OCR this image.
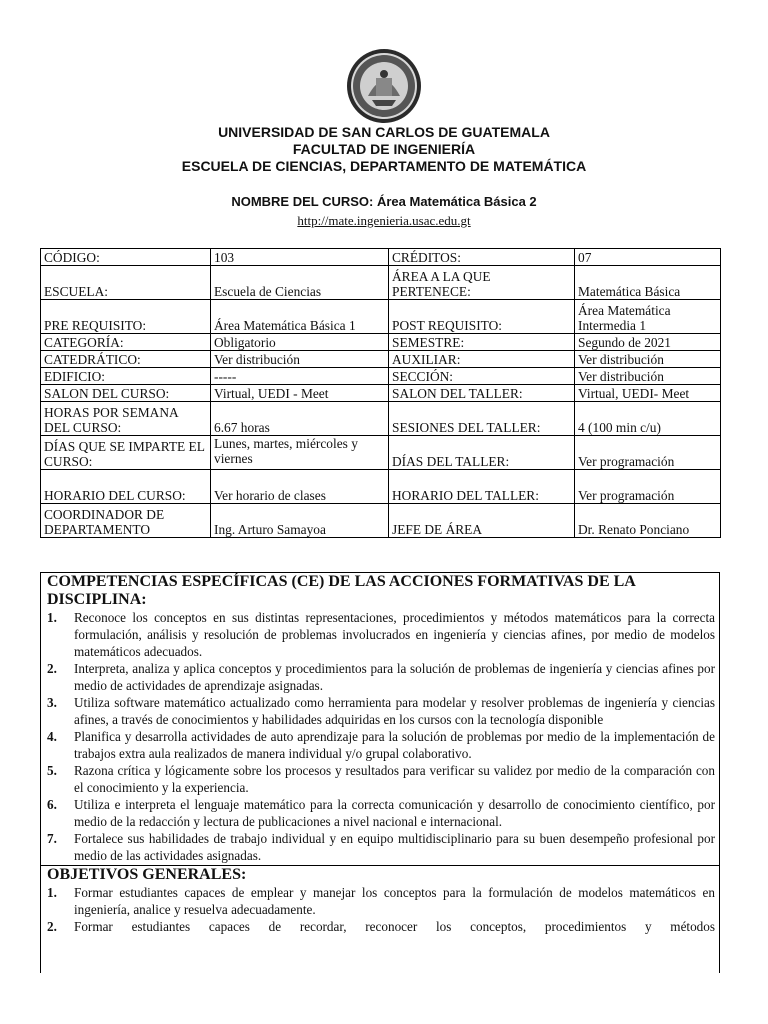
UNIVERSIDAD DE SAN CARLOS DE GUATEMALA
FACULTAD DE INGENIERÍA
ESCUELA DE CIENCIAS, DEPARTAMENTO DE MATEMÁTICA
NOMBRE DEL CURSO: Área Matemática Básica 2
http://mate.ingenieria.usac.edu.gt
CÓDIGO:	103	CRÉDITOS:	07
ESCUELA:	Escuela de Ciencias	ÁREA A LA QUE PERTENECE:	Matemática Básica
PRE REQUISITO:	Área Matemática Básica 1	POST REQUISITO:	Área Matemática Intermedia 1
CATEGORÍA:	Obligatorio	SEMESTRE:	Segundo de 2021
CATEDRÁTICO:	Ver distribución	AUXILIAR:	Ver distribución
EDIFICIO:	-----	SECCIÓN:	Ver distribución
SALON DEL CURSO:	Virtual, UEDI - Meet	SALON DEL TALLER:	Virtual, UEDI- Meet
HORAS POR SEMANA DEL CURSO:	6.67 horas	SESIONES DEL TALLER:	4 (100 min c/u)
DÍAS QUE SE IMPARTE EL CURSO:	Lunes, martes, miércoles y viernes	DÍAS DEL TALLER:	Ver programación
HORARIO DEL CURSO:	Ver horario de clases	HORARIO DEL TALLER:	Ver programación
COORDINADOR DE DEPARTAMENTO	Ing. Arturo Samayoa	JEFE DE ÁREA	Dr. Renato Ponciano
COMPETENCIAS ESPECÍFICAS (CE) DE LAS ACCIONES FORMATIVAS DE LA DISCIPLINA:
1. Reconoce los conceptos en sus distintas representaciones, procedimientos y métodos matemáticos para la correcta formulación, análisis y resolución de problemas involucrados en ingeniería y ciencias afines, por medio de modelos matemáticos adecuados.
2. Interpreta, analiza y aplica conceptos y procedimientos para la solución de problemas de ingeniería y ciencias afines por medio de actividades de aprendizaje asignadas.
3. Utiliza software matemático actualizado como herramienta para modelar y resolver problemas de ingeniería y ciencias afines, a través de conocimientos y habilidades adquiridas en los cursos con la tecnología disponible
4. Planifica y desarrolla actividades de auto aprendizaje para la solución de problemas por medio de la implementación de trabajos extra aula realizados de manera individual y/o grupal colaborativo.
5. Razona crítica y lógicamente sobre los procesos y resultados para verificar su validez por medio de la comparación con el conocimiento y la experiencia.
6. Utiliza e interpreta el lenguaje matemático para la correcta comunicación y desarrollo de conocimiento científico, por medio de la redacción y lectura de publicaciones a nivel nacional e internacional.
7. Fortalece sus habilidades de trabajo individual y en equipo multidisciplinario para su buen desempeño profesional por medio de las actividades asignadas.
OBJETIVOS GENERALES:
1. Formar estudiantes capaces de emplear y manejar los conceptos para la formulación de modelos matemáticos en ingeniería, analice y resuelva adecuadamente.
2. Formar estudiantes capaces de recordar, reconocer los conceptos, procedimientos y métodos
